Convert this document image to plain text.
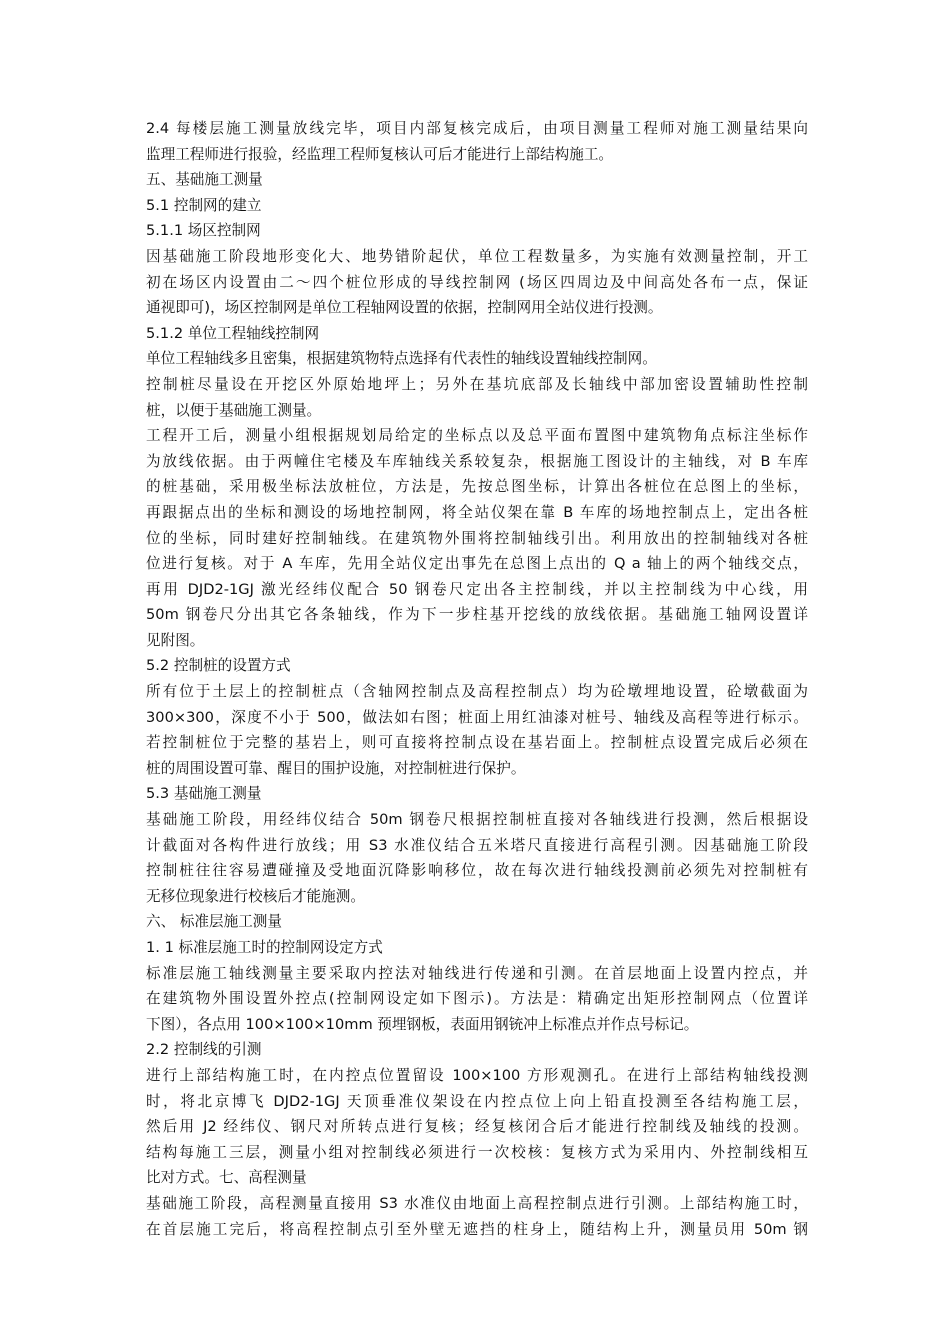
2.4 每楼层施工测量放线完毕，项目内部复核完成后，由项目测量工程师对施工测量结果向
监理工程师进行报验，经监理工程师复核认可后才能进行上部结构施工。
五、基础施工测量
5.1 控制网的建立
5.1.1 场区控制网
因基础施工阶段地形变化大、地势错阶起伏，单位工程数量多，为实施有效测量控制，开工
初在场区内设置由二～四个桩位形成的导线控制网 (场区四周边及中间高处各布一点，保证
通视即可)，场区控制网是单位工程轴网设置的依据，控制网用全站仪进行投测。
5.1.2 单位工程轴线控制网
单位工程轴线多且密集，根据建筑物特点选择有代表性的轴线设置轴线控制网。
控制桩尽量设在开挖区外原始地坪上；另外在基坑底部及长轴线中部加密设置辅助性控制
桩，以便于基础施工测量。
工程开工后，测量小组根据规划局给定的坐标点以及总平面布置图中建筑物角点标注坐标作
为放线依据。由于两幢住宅楼及车库轴线关系较复杂，根据施工图设计的主轴线，对 B 车库
的桩基础，采用极坐标法放桩位，方法是，先按总图坐标，计算出各桩位在总图上的坐标，
再跟据点出的坐标和测设的场地控制网，将全站仪架在靠 B 车库的场地控制点上，定出各桩
位的坐标，同时建好控制轴线。在建筑物外围将控制轴线引出。利用放出的控制轴线对各桩
位进行复核。对于 A 车库，先用全站仪定出事先在总图上点出的 Q a 轴上的两个轴线交点，
再用 DJD2-1GJ 激光经纬仪配合 50 钢卷尺定出各主控制线，并以主控制线为中心线，用
50m 钢卷尺分出其它各条轴线，作为下一步柱基开挖线的放线依据。基础施工轴网设置详
见附图。
5.2 控制桩的设置方式
所有位于土层上的控制桩点（含轴网控制点及高程控制点）均为砼墩埋地设置，砼墩截面为
300×300，深度不小于 500，做法如右图；桩面上用红油漆对桩号、轴线及高程等进行标示。
若控制桩位于完整的基岩上，则可直接将控制点设在基岩面上。控制桩点设置完成后必须在
桩的周围设置可靠、醒目的围护设施，对控制桩进行保护。
5.3 基础施工测量
基础施工阶段，用经纬仪结合 50m 钢卷尺根据控制桩直接对各轴线进行投测，然后根据设
计截面对各构件进行放线；用 S3 水准仪结合五米塔尺直接进行高程引测。因基础施工阶段
控制桩往往容易遭碰撞及受地面沉降影响移位，故在每次进行轴线投测前必须先对控制桩有
无移位现象进行校核后才能施测。
六、 标准层施工测量
1. 1 标准层施工时的控制网设定方式
标准层施工轴线测量主要采取内控法对轴线进行传递和引测。在首层地面上设置内控点，并
在建筑物外围设置外控点(控制网设定如下图示)。方法是：精确定出矩形控制网点（位置详
下图），各点用 100×100×10mm 预埋钢板，表面用钢铳冲上标准点并作点号标记。
2.2 控制线的引测
进行上部结构施工时，在内控点位置留设 100×100 方形观测孔。在进行上部结构轴线投测
时，将北京博飞 DJD2-1GJ 天顶垂准仪架设在内控点位上向上铅直投测至各结构施工层，
然后用 J2 经纬仪、钢尺对所转点进行复核；经复核闭合后才能进行控制线及轴线的投测。
结构每施工三层，测量小组对控制线必须进行一次校核：复核方式为采用内、外控制线相互
比对方式。七、高程测量
基础施工阶段，高程测量直接用 S3 水准仪由地面上高程控制点进行引测。上部结构施工时，
在首层施工完后，将高程控制点引至外壁无遮挡的柱身上，随结构上升，测量员用 50m 钢
